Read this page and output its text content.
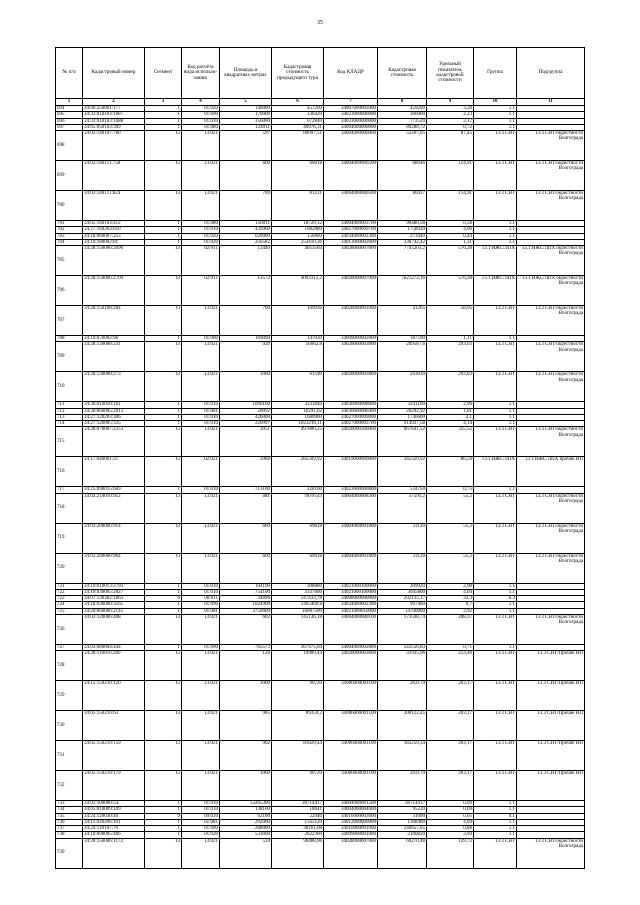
35
№ п/п	Кадастровый номер	Сегмент	Код расчёта вида использо-вания	Площадь в квадратных метрах	Кадастровая стоимость предыдущего тура	Код КЛАДР	Кадастровая стоимость	Удельный показатель кадастровой стоимости	Группа	Подгруппа
1	2	3	4	5	6	7	8	9	10	11
694	34:06:250001:177	1	01:020	140000	457200	34007000003900	459200	3,28	1.1	
695	34:33:010103:1087	1	01:090	170000	336420	34033000000000	366900	2,23	1.1	
696	34:33:010103:1088	1	01:010	356000	672840	34033000000000	772520	2,17	1.1	
697	34:05:050103:309	1	01:080	124011	40976,31	34004000000000	89288,72	0,72	1.1	
698	34:03:140107:780	13	13:021	597	89097,51	34004000000000	52207,65	87,45	13.3 СНТ	13.3 СНТ/окрестности Волгограда
699	34:03:140111:758	13	13:021	600	69618	34004000000500	68946	114,91	13.3 СНТ	13.3 СНТ/окрестности Волгограда
700	34:03:140111:824	13	13:021	709	81231	34004000000500	80437	114,91	13.3 СНТ	13.3 СНТ/окрестности Волгограда
701	34:05:160103:412	1	01:080	156011	18720,12	34004000003700	90480,58	0,58	1.1	
702	34:27:160203:610	1	01:010	432000	1682880	34027000009700	1758920	4,06	1.1	
703	34:18:060007:253	1	01:020	620000	156800	34034000002300	273440	0,44	1.1	
704	34:10:180002:81	1	01:020	256582	253410,36	34013000002600	338742,42	1,31	1.1	
705	34:28:150006:2690	13	02:011	13440	4053504	34028000007000	7745203,2	576,28	13.1 ИЖС/ЛПХ	13.1 ИЖС/ЛПХ окрестности Волгограда
706	34:28:150006:2709	13	02:011	13572	4093315,2	34028000007000	7821272,16	576,28	13.1 ИЖС/ЛПХ	13.1 ИЖС/ЛПХ окрестности Волгограда
707	34:28:150108:284	13	13:021	700	109936	34028000001000	41265	58,95	13.3 СНТ	13.3 СНТ/окрестности Волгограда
708	34:10:070002:96	1	01:000	169000	147030	34009000002000	187590	1,11	1.1	
709	34:28:130008:231	13	13:021	920	56662,8	34028000003800	269587,6	293,03	13.3 СНТ	13.3 СНТ/окрестности Волгограда
710	34:28:130008:273	13	13:021	1000	61590	34028000003800	293030	293,03	13.3 СНТ	13.3 СНТ/окрестности Волгограда
711	34:30:010010:161	1	01:010	1090100	3331840	34030000008000	3241160	2,96	1.1	
712	34:30:060005:2013	1	01:081	20092	16291,62	34030000000400	20292,92	1,01	1.1	
713	34:27:120203:306	1	01:010	426000	1680900	34027000009000	1746600	4,1	1.1	
714	34:27:120005:335	1	01:010	220997	1023216,11	34027000003700	914927,58	4,14	1.1	
715	34:28:070007:2353	13	13:021	2051	497800,25	34028000200000	667641,52	325,52	13.3 СНТ	13.3 СНТ/окрестности Волгограда
716	34:17:040001:21	13	02:021	3988	285509,92	34019000000800	345320,92	86,59	13.1 ИЖС/ЛПХ	13.1 ИЖС/ЛПХ прочие НП
717	34:25:090015:669	1	01:010	713100	228160	34023000000800	534750	0,75	1.1	
718	34:03:210010:912	13	13:021	681	79016,43	34004000008300	37591,2	55,2	13.3 СНТ	13.3 СНТ/окрестности Волгограда
719	34:03:200006:914	13	13:021	600	69618	34004000001800	33120	55,2	13.3 СНТ	13.3 СНТ/окрестности Волгограда
720	34:03:200006:964	13	13:021	600	69618	34004000001800	33120	55,2	13.3 СНТ	13.3 СНТ/окрестности Волгограда
721	34:19:010013:2793	1	01:010	104100	308880	34021000100000	309920	2,98	1.1	
722	34:19:030005:2827	1	01:010	754100	3337600	34021000100000	3045800	4,04	1.1	
723	34:07:130302:1863	6	06:011	34896	147433,78	34008000000000	292135,17	33,3	6.3	
724	34:18:030000:3565	1	01:090	1024900	1465460,8	34034000002300	997460	0,7	1.1	
725	34:20:060006:2145	1	01:081	3750000	16687500	34021000010000	14700000	3,92	1.1	
726	34:03:120006:408	13	13:021	602	145136,18	34004000000100	173598,74	288,37	13.3 СНТ	13.3 СНТ/окрестности Волгограда
727	34:03:080004:444	1	01:090	765573	367475,04	34004000002800	543556,83	0,71	1.1	
728	34:28:110016:280	13	13:021	126	19909,44	34028000003600	31935,96	253,46	13.3 СНТ	13.3 СНТ/Прочие НП
729	34:15:150210:120	13	13:021	1000	90720	34006000001100	203170	203,17	13.3 СНТ	13.3 СНТ/Прочие НП
730	34:05:150210:63	13	13:021	985	89359,2	34006000001100	200122,45	203,17	13.3 СНТ	13.3 СНТ/Прочие НП
731	34:05:150210:159	13	13:021	902	81829,44	34006000001100	183259,34	203,17	13.3 СНТ	13.3 СНТ/Прочие НП
732	34:05:150210:179	13	13:021	1000	90720	34006000001100	203170	203,17	13.3 СНТ	13.3 СНТ/Прочие НП
733	34:03:100000:54	1	01:010	53205300	36714417	34004000001500	36714417	0,69	1.1	
734	34:05:010009:109	1	01:010	138100	18641	34004000004000	95220	0,69	1.1	
735	34:24:120030:46	9	09:010	62100	22940	34016000003600	31000	0,05	9.1	
736	34:11:020206:101	1	01:081	292000	1565120	34012000000000	1368480	4,69	1.1	
737	34:24:110107:70	1	01:090	268000	38161,08	34016000001000	240657,65	0,88	1.1	
738	34:10:090005:466	1	01:020	533000	2622360	34009000001000	2100820	3,94	1.1	
739	34:28:150006:1172	13	13:021	534	96488,96	34028000007000	69270,48	129,72	13.3 СНТ	13.3 СНТ/окрестности Волгограда
